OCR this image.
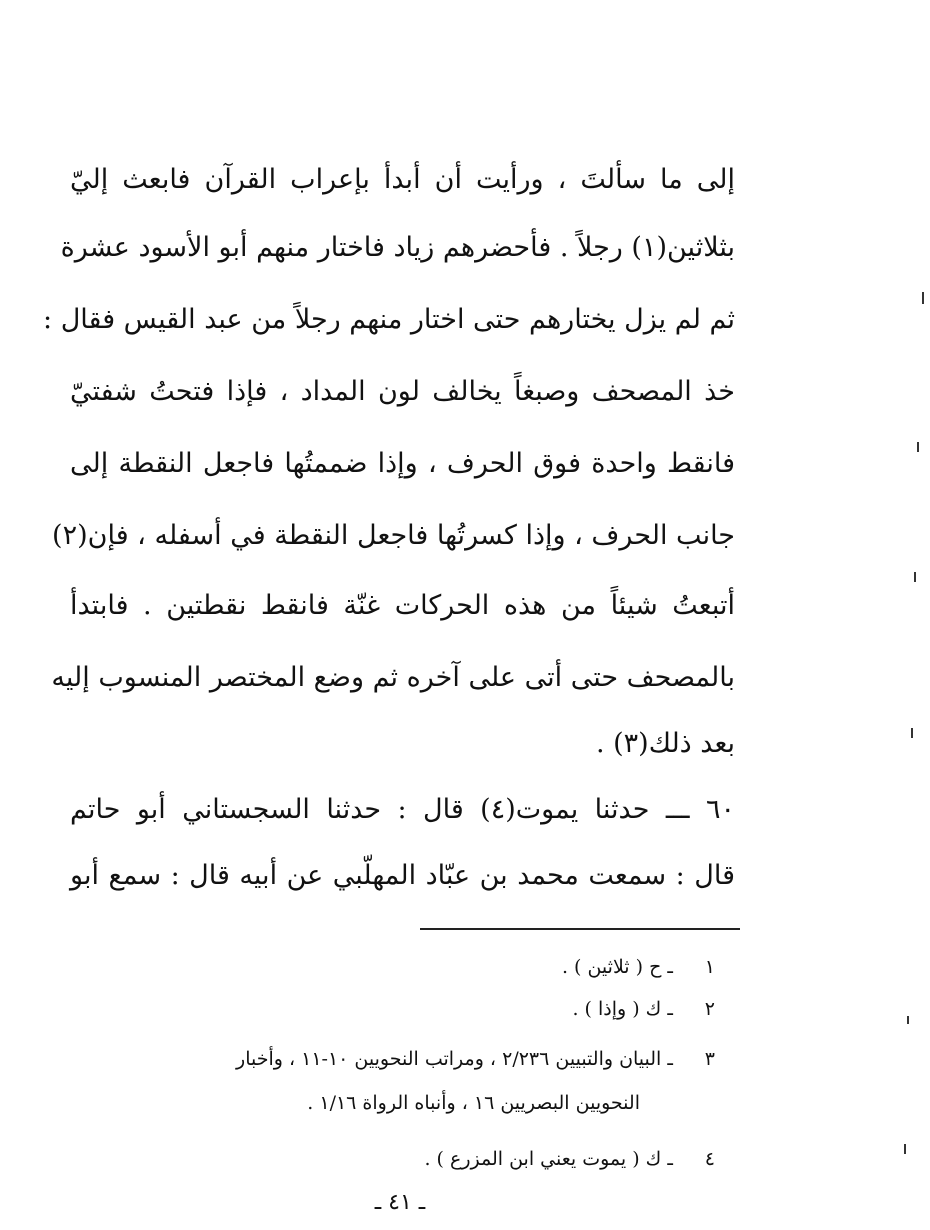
إلى ما سألتَ ، ورأيت أن أبدأ بإعراب القرآن فابعث إليّ
بثلاثين(١) رجلاً . فأحضرهم زياد فاختار منهم أبو الأسود عشرة
ثم لم يزل يختارهم حتى اختار منهم رجلاً من عبد القيس فقال :
خذ المصحف وصبغاً يخالف لون المداد ، فإذا فتحتُ شفتيّ
فانقط واحدة فوق الحرف ، وإذا ضممتُها فاجعل النقطة إلى
جانب الحرف ، وإذا كسرتُها فاجعل النقطة في أسفله ، فإن(٢)
أتبعتُ شيئاً من هذه الحركات غنّة فانقط نقطتين . فابتدأ
بالمصحف حتى أتى على آخره ثم وضع المختصر المنسوب إليه
بعد ذلك(٣) .
٦٠ ـــ حدثنا يموت(٤) قال : حدثنا السجستاني أبو حاتم
قال : سمعت محمد بن عبّاد المهلّبي عن أبيه قال : سمع أبو
١ ـ ح ( ثلاثين ) .
٢ ـ ك ( وإذا ) .
٣ ـ البيان والتبيين ٢/٢٣٦ ، ومراتب النحويين ١٠-١١ ، وأخبار
النحويين البصريين ١٦ ، وأنباه الرواة ١/١٦ .
٤ ـ ك ( يموت يعني ابن المزرع ) .
ـ ٤١ ـ
